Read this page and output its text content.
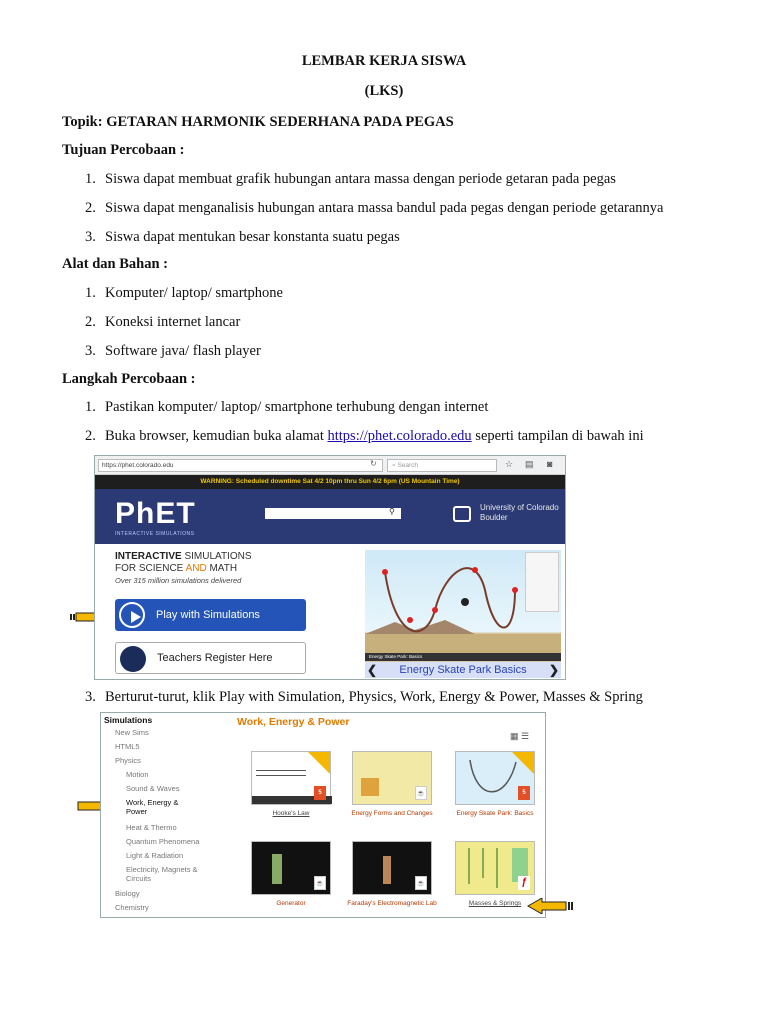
LEMBAR KERJA SISWA
(LKS)
Topik: GETARAN HARMONIK SEDERHANA PADA PEGAS
Tujuan Percobaan :
1. Siswa dapat membuat grafik hubungan antara massa dengan periode getaran pada pegas
2. Siswa dapat menganalisis hubungan antara massa bandul pada pegas dengan periode getarannya
3. Siswa dapat mentukan besar konstanta suatu pegas
Alat dan Bahan :
1. Komputer/ laptop/ smartphone
2. Koneksi internet lancar
3. Software java/ flash player
Langkah Percobaan :
1. Pastikan komputer/ laptop/ smartphone terhubung dengan internet
2. Buka browser, kemudian buka alamat https://phet.colorado.edu seperti tampilan di bawah ini
https://phet.colorado.edu	↻	⌕ Search	☆ ▤ ◙
WARNING: Scheduled downtime Sat 4/2 10pm thru Sun 4/2 6pm (US Mountain Time)
PhET
INTERACTIVE SIMULATIONS
⚲	University of Colorado Boulder
INTERACTIVE SIMULATIONS
FOR SCIENCE AND MATH
Over 315 million simulations delivered
Play with Simulations
Teachers Register Here	Energy Skate Park: Basics
❮ Energy Skate Park Basics ❯
3. Berturut-turut, klik Play with Simulation, Physics, Work, Energy & Power, Masses & Spring
Simulations
New Sims
HTML5
Physics
Motion
Sound & Waves
Work, Energy & Power
Heat & Thermo
Quantum Phenomena
Light & Radiation
Electricity, Magnets & Circuits
Biology
Chemistry
Work, Energy & Power
▦ ☰
5
Hooke's Law
☕
Energy Forms and Changes
5
Energy Skate Park: Basics
☕
Generator
☕
Faraday's Electromagnetic Lab
ƒ
Masses & Springs
